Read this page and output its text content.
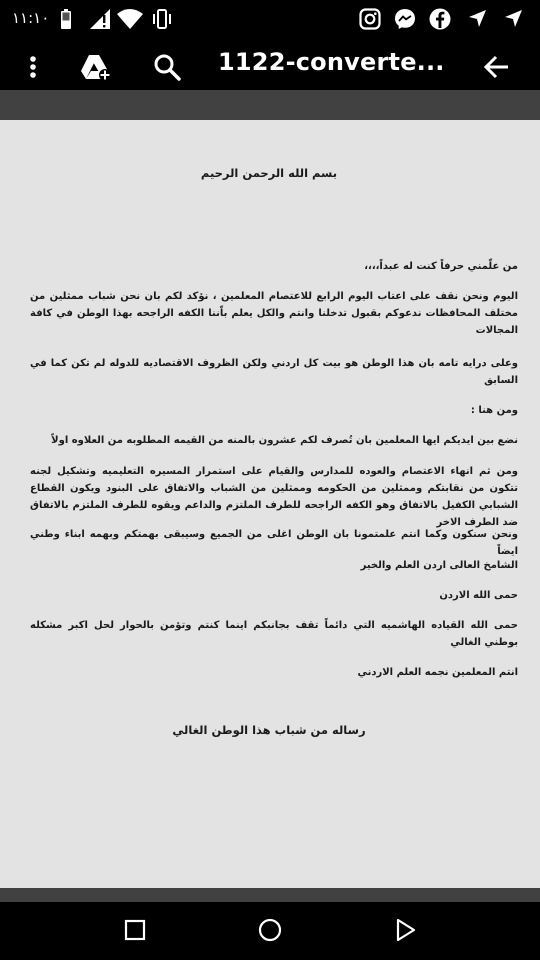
١١:١٠
1122-converte...
بسم الله الرحمن الرحيم
من علّمني حرفاً كنت له عبداً،،،،
اليوم ونحن نقف على اعتاب اليوم الرابع للاعتصام المعلمين ، نؤكد لكم بان نحن شباب ممثلين من مختلف المحافظات ندعوكم بقبول تدخلنا وانتم والكل يعلم باّننا الكفه الراجحه بهذا الوطن في كافة المجالات
وعلى درايه تامه بان هذا الوطن هو بيت كل اردني ولكن الظروف الاقتصاديه للدوله لم تكن كما في السابق
ومن هنا :
نضع بين ايديكم ايها المعلمين بان تُصرف لكم عشرون بالمنه من القيمه المطلوبه من العلاوه اولاً
ومن ثم انهاء الاعتصام والعوده للمدارس والقيام على استمرار المسيره التعليميه وتشكيل لجنه تتكون من نقابتكم وممثلين من الحكومه وممثلين من الشباب والاتفاق على البنود ويكون القطاع الشبابي الكفيل بالاتفاق وهو الكفه الراجحه للطرف الملتزم والداعم ويقوه للطرف الملتزم بالاتفاق ضد الطرف الاخر
ونحن سنكون وكما انتم علمتمونا بان الوطن اغلى من الجميع وسيبقى بهمتكم وبهمه ابناء وطني ايضاً
الشامخ العالى اردن العلم والخير
حمى الله الاردن
حمى الله القياده الهاشميه التي دائماً تقف بجانبكم اينما كنتم وتؤمن بالحوار لحل اكبر مشكله بوطني الغالي
انتم المعلمين نجمه العلم الاردني
رساله من شباب هذا الوطن الغالي
